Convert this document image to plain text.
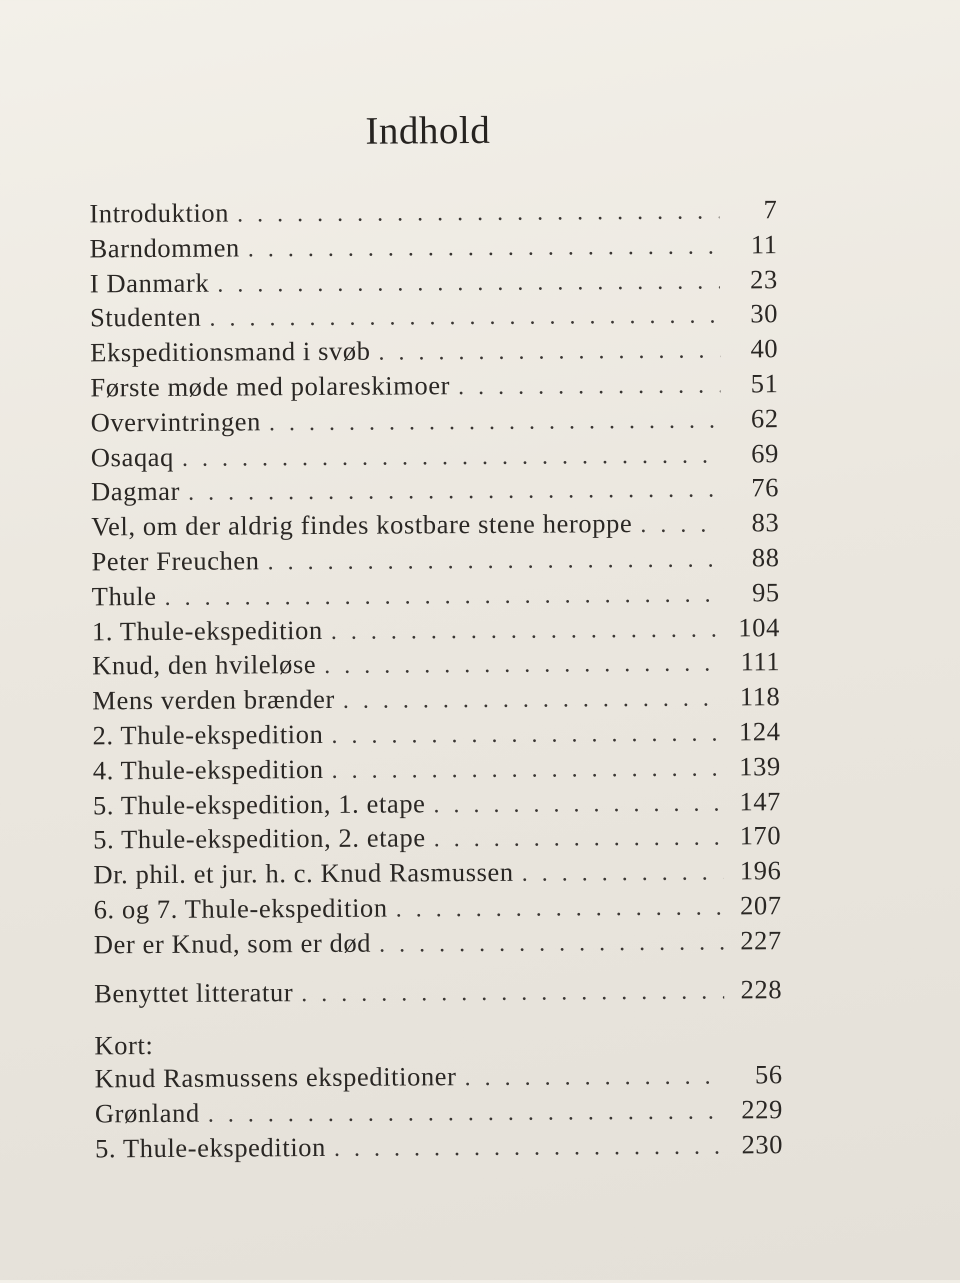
Indhold
Introduktion . . .	7
Barndommen . . .	11
I Danmark . . .	23
Studenten . . .	30
Ekspeditionsmand i svøb . . .	40
Første møde med polareskimoer . . .	51
Overvintringen . . .	62
Osaqaq . . .	69
Dagmar . . .	76
Vel, om der aldrig findes kostbare stene heroppe . . .	83
Peter Freuchen . . .	88
Thule . . .	95
1. Thule-ekspedition . . .	104
Knud, den hvileløse . . .	111
Mens verden brænder . . .	118
2. Thule-ekspedition . . .	124
4. Thule-ekspedition . . .	139
5. Thule-ekspedition, 1. etape . . .	147
5. Thule-ekspedition, 2. etape . . .	170
Dr. phil. et jur. h. c. Knud Rasmussen . . .	196
6. og 7. Thule-ekspedition . . .	207
Der er Knud, som er død . . .	227
Benyttet litteratur . . .	228
Kort:
Knud Rasmussens ekspeditioner . . .	56
Grønland . . .	229
5. Thule-ekspedition . . .	230
